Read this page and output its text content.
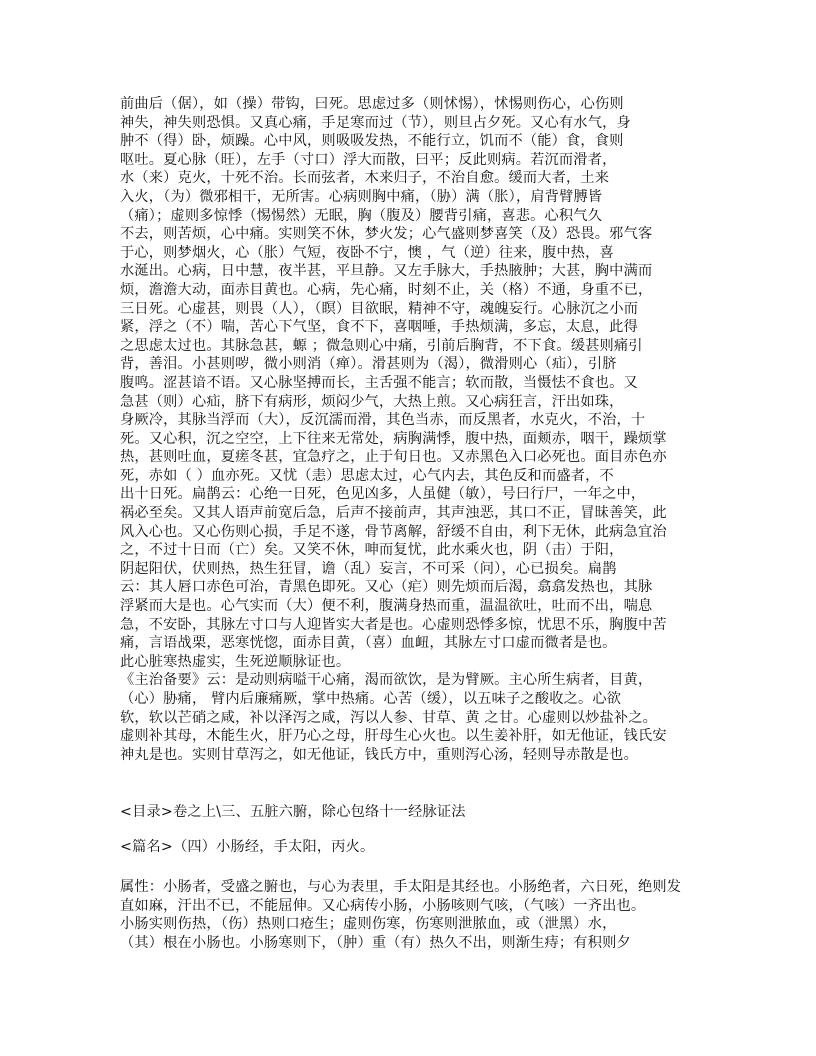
前曲后（倨），如（操）带钩，曰死。思虑过多（则怵惕），怵惕则伤心，心伤则
神失，神失则恐惧。又真心痛，手足寒而过（节），则旦占夕死。又心有水气，身
肿不（得）卧，烦躁。心中风，则吸吸发热，不能行立，饥而不（能）食，食则
呕吐。夏心脉（旺），左手（寸口）浮大而散，曰平；反此则病。若沉而滑者，
水（来）克火，十死不治。长而弦者，木来归子，不治自愈。缓而大者，土来
入火，（为）微邪相干，无所害。心病则胸中痛，（胁）满（胀），肩背臂膊皆
（痛）；虚则多惊悸（惕惕然）无眠，胸（腹及）腰背引痛，喜悲。心积气久
不去，则苦烦，心中痛。实则笑不休，梦火发；心气盛则梦喜笑（及）恐畏。邪气客
于心，则梦烟火，心（胀）气短，夜卧不宁，懊 ，气（逆）往来，腹中热，喜
水涎出。心病，日中慧，夜半甚，平旦静。又左手脉大，手热腋肿；大甚，胸中满而
烦，澹澹大动，面赤目黄也。心病，先心痛，时刻不止，关（格）不通，身重不已，
三日死。心虚甚，则畏（人），（瞑）目欲眠，精神不守，魂魄妄行。心脉沉之小而
紧，浮之（不）喘，苦心下气坚，食不下，喜咽唾，手热烦满，多忘，太息，此得
之思虑太过也。其脉急甚，螈 ；微急则心中痛，引前后胸背，不下食。缓甚则痛引
背，善泪。小甚则哕，微小则消（瘅）。滑甚则为（渴），微滑则心（疝），引脐
腹鸣。涩甚谙不语。又心脉坚搏而长，主舌强不能言；软而散，当慑怯不食也。又
急甚（则）心疝，脐下有病形，烦闷少气，大热上煎。又心病狂言，汗出如珠，
身厥冷，其脉当浮而（大），反沉濡而滑，其色当赤，而反黑者，水克火，不治，十
死。又心积，沉之空空，上下往来无常处，病胸满悸，腹中热，面颊赤，咽干，躁烦掌
热，甚则吐血，夏瘥冬甚，宜急疗之，止于旬日也。又赤黑色入口必死也。面目赤色亦
死，赤如（ ）血亦死。又忧（恚）思虑太过，心气内去，其色反和而盛者，不
出十日死。扁鹊云：心绝一日死，色见凶多，人虽健（敏），号曰行尸，一年之中，
祸必至矣。又其人语声前宽后急，后声不接前声，其声浊恶，其口不正，冒昧善笑，此
风入心也。又心伤则心损，手足不遂，骨节离解，舒缓不自由，利下无休，此病急宜治
之，不过十日而（亡）矣。又笑不休，呻而复忧，此水乘火也，阴（击）于阳，
阴起阳伏，伏则热，热生狂冒，谵（乱）妄言，不可采（问），心已损矣。扁鹊
云：其人唇口赤色可治，青黑色即死。又心（疟）则先烦而后渴，翕翕发热也，其脉
浮紧而大是也。心气实而（大）便不利，腹满身热而重，温温欲吐，吐而不出，喘息
急，不安卧，其脉左寸口与人迎皆实大者是也。心虚则恐悸多惊，忧思不乐，胸腹中苦
痛，言语战栗，恶寒恍惚，面赤目黄，（喜）血衄，其脉左寸口虚而微者是也。
此心脏寒热虚实，生死逆顺脉证也。
《主治备要》云：是动则病嗌干心痛，渴而欲饮，是为臂厥。主心所生病者，目黄，
（心）胁痛， 臂内后廉痛厥，掌中热痛。心苦（缓），以五味子之酸收之。心欲
软，软以芒硝之咸，补以泽泻之咸，泻以人参、甘草、黄 之甘。心虚则以炒盐补之。
虚则补其母，木能生火，肝乃心之母，肝母生心火也。以生姜补肝，如无他证，钱氏安
神丸是也。实则甘草泻之，如无他证，钱氏方中，重则泻心汤，轻则导赤散是也。
<目录>卷之上\三、五脏六腑，除心包络十一经脉证法
<篇名>（四）小肠经，手太阳，丙火。
属性：小肠者，受盛之腑也，与心为表里，手太阳是其经也。小肠绝者，六日死，绝则发
直如麻，汗出不已，不能屈伸。又心病传小肠，小肠咳则气咳，（气咳）一齐出也。
小肠实则伤热，（伤）热则口疮生；虚则伤寒，伤寒则泄脓血，或（泄黑）水，
（其）根在小肠也。小肠寒则下，（肿）重（有）热久不出，则渐生痔；有积则夕
